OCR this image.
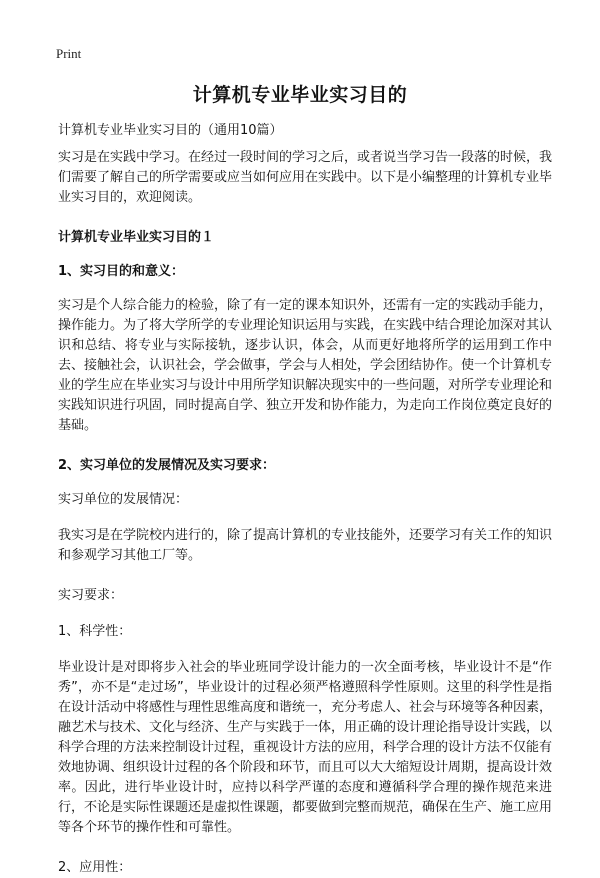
Print
计算机专业毕业实习目的

计算机专业毕业实习目的（通用10篇）

实习是在实践中学习。在经过一段时间的学习之后，或者说当学习告一段落的时候，我们需要了解自己的所学需要或应当如何应用在实践中。以下是小编整理的计算机专业毕业实习目的，欢迎阅读。

计算机专业毕业实习目的１
1、实习目的和意义：

实习是个人综合能力的检验，除了有一定的课本知识外，还需有一定的实践动手能力，操作能力。为了将大学所学的专业理论知识运用与实践，在实践中结合理论加深对其认识和总结、将专业与实际接轨，逐步认识，体会，从而更好地将所学的运用到工作中去、接触社会，认识社会，学会做事，学会与人相处，学会团结协作。使一个计算机专业的学生应在毕业实习与设计中用所学知识解决现实中的一些问题，对所学专业理论和实践知识进行巩固，同时提高自学、独立开发和协作能力，为走向工作岗位奠定良好的基础。

2、实习单位的发展情况及实习要求：

实习单位的发展情况：

我实习是在学院校内进行的，除了提高计算机的专业技能外，还要学习有关工作的知识和参观学习其他工厂等。

实习要求：

1、科学性：

毕业设计是对即将步入社会的毕业班同学设计能力的一次全面考核，毕业设计不是“作秀”，亦不是“走过场”，毕业设计的过程必须严格遵照科学性原则。这里的科学性是指在设计活动中将感性与理性思维高度和谐统一，充分考虑人、社会与环境等各种因素，融艺术与技术、文化与经济、生产与实践于一体，用正确的设计理论指导设计实践，以科学合理的方法来控制设计过程，重视设计方法的应用，科学合理的设计方法不仅能有效地协调、组织设计过程的各个阶段和环节，而且可以大大缩短设计周期，提高设计效率。因此，进行毕业设计时，应持以科学严谨的态度和遵循科学合理的操作规范来进行，不论是实际性课题还是虚拟性课题，都要做到完整而规范，确保在生产、施工应用等各个环节的操作性和可靠性。

2、应用性：
